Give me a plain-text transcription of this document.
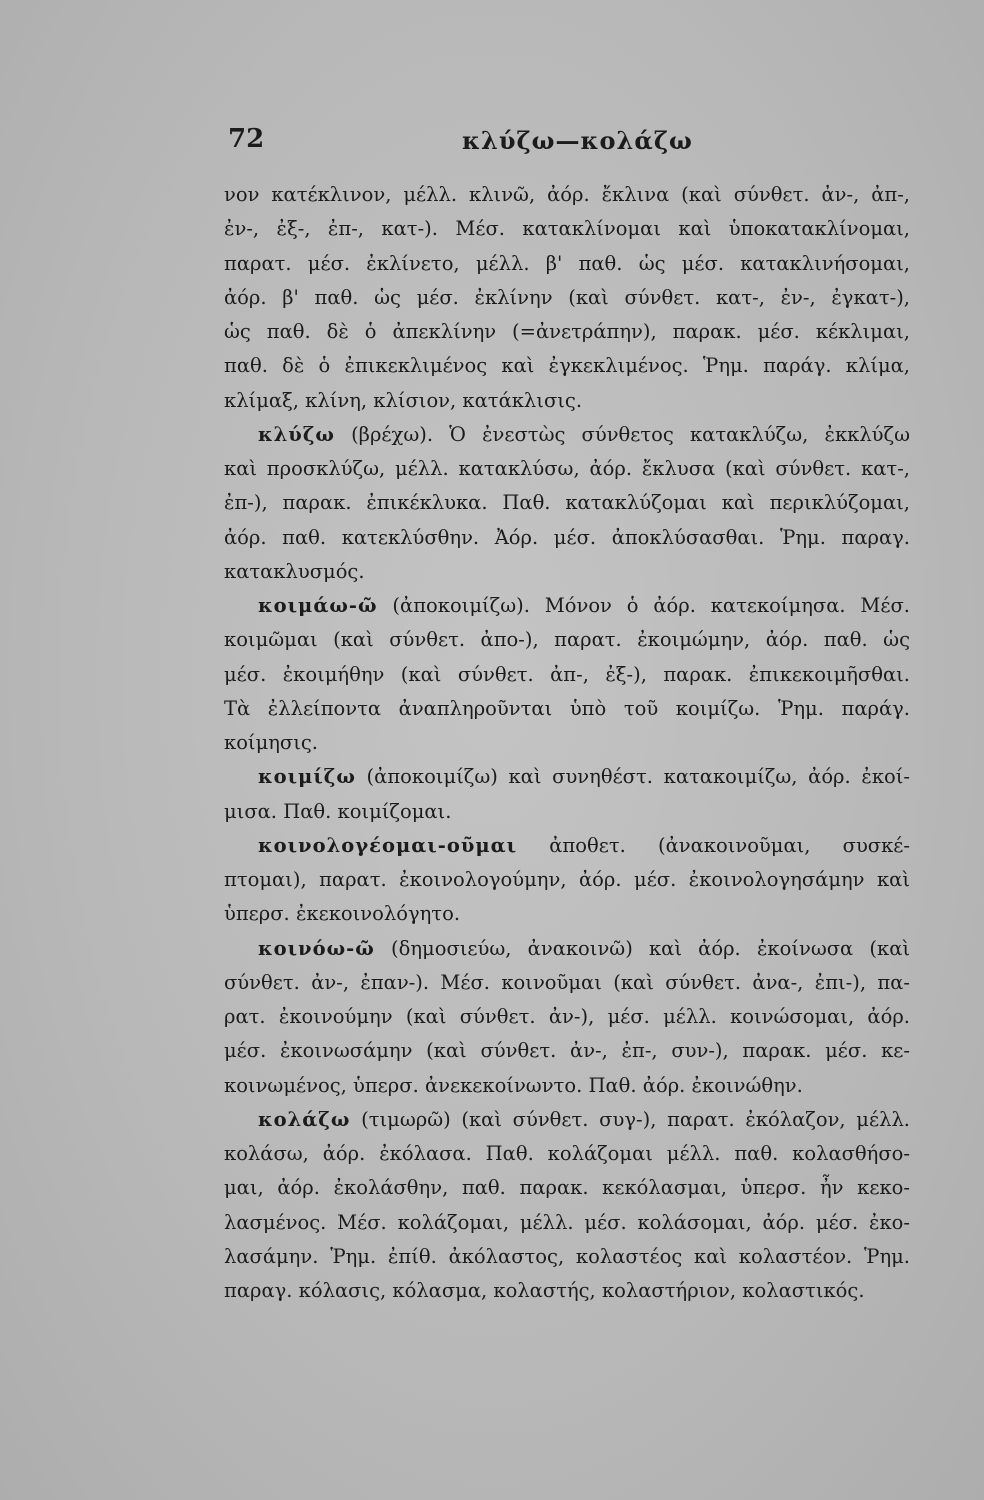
72	κλύζω—κολάζω
νον κατέκλινον, μέλλ. κλινῶ, ἀόρ. ἔκλινα (καὶ σύνθετ. ἀν-, ἀπ-,
ἐν-, ἐξ-, ἐπ-, κατ-). Μέσ. κατακλίνομαι καὶ ὑποκατακλίνομαι,
παρατ. μέσ. ἐκλίνετο, μέλλ. β' παθ. ὡς μέσ. κατακλινήσομαι,
ἀόρ. β' παθ. ὡς μέσ. ἐκλίνην (καὶ σύνθετ. κατ-, ἐν-, ἐγκατ-),
ὡς παθ. δὲ ὁ ἀπεκλίνην (=ἀνετράπην), παρακ. μέσ. κέκλιμαι,
παθ. δὲ ὁ ἐπικεκλιμένος καὶ ἐγκεκλιμένος. Ῥημ. παράγ. κλίμα,
κλίμαξ, κλίνη, κλίσιον, κατάκλισις.
κλύζω (βρέχω). Ὁ ἐνεστὼς σύνθετος κατακλύζω, ἐκκλύζω
καὶ προσκλύζω, μέλλ. κατακλύσω, ἀόρ. ἔκλυσα (καὶ σύνθετ. κατ-,
ἐπ-), παρακ. ἐπικέκλυκα. Παθ. κατακλύζομαι καὶ περικλύζομαι,
ἀόρ. παθ. κατεκλύσθην. Ἀόρ. μέσ. ἀποκλύσασθαι. Ῥημ. παραγ.
κατακλυσμός.
κοιμάω-ῶ (ἀποκοιμίζω). Μόνον ὁ ἀόρ. κατεκοίμησα. Μέσ.
κοιμῶμαι (καὶ σύνθετ. ἀπο-), παρατ. ἐκοιμώμην, ἀόρ. παθ. ὡς
μέσ. ἐκοιμήθην (καὶ σύνθετ. ἀπ-, ἐξ-), παρακ. ἐπικεκοιμῆσθαι.
Τὰ ἐλλείποντα ἀναπληροῦνται ὑπὸ τοῦ κοιμίζω. Ῥημ. παράγ.
κοίμησις.
κοιμίζω (ἀποκοιμίζω) καὶ συνηθέστ. κατακοιμίζω, ἀόρ. ἐκοί-
μισα. Παθ. κοιμίζομαι.
κοινολογέομαι-οῦμαι ἀποθετ. (ἀνακοινοῦμαι, συσκέ-
πτομαι), παρατ. ἐκοινολογούμην, ἀόρ. μέσ. ἐκοινολογησάμην καὶ
ὑπερσ. ἐκεκοινολόγητο.
κοινόω-ῶ (δημοσιεύω, ἀνακοινῶ) καὶ ἀόρ. ἐκοίνωσα (καὶ
σύνθετ. ἀν-, ἐπαν-). Μέσ. κοινοῦμαι (καὶ σύνθετ. ἀνα-, ἐπι-), πα-
ρατ. ἐκοινούμην (καὶ σύνθετ. ἀν-), μέσ. μέλλ. κοινώσομαι, ἀόρ.
μέσ. ἐκοινωσάμην (καὶ σύνθετ. ἀν-, ἐπ-, συν-), παρακ. μέσ. κε-
κοινωμένος, ὑπερσ. ἀνεκεκοίνωντο. Παθ. ἀόρ. ἐκοινώθην.
κολάζω (τιμωρῶ) (καὶ σύνθετ. συγ-), παρατ. ἐκόλαζον, μέλλ.
κολάσω, ἀόρ. ἐκόλασα. Παθ. κολάζομαι μέλλ. παθ. κολασθήσο-
μαι, ἀόρ. ἐκολάσθην, παθ. παρακ. κεκόλασμαι, ὑπερσ. ἦν κεκο-
λασμένος. Μέσ. κολάζομαι, μέλλ. μέσ. κολάσομαι, ἀόρ. μέσ. ἐκο-
λασάμην. Ῥημ. ἐπίθ. ἀκόλαστος, κολαστέος καὶ κολαστέον. Ῥημ.
παραγ. κόλασις, κόλασμα, κολαστής, κολαστήριον, κολαστικός.
